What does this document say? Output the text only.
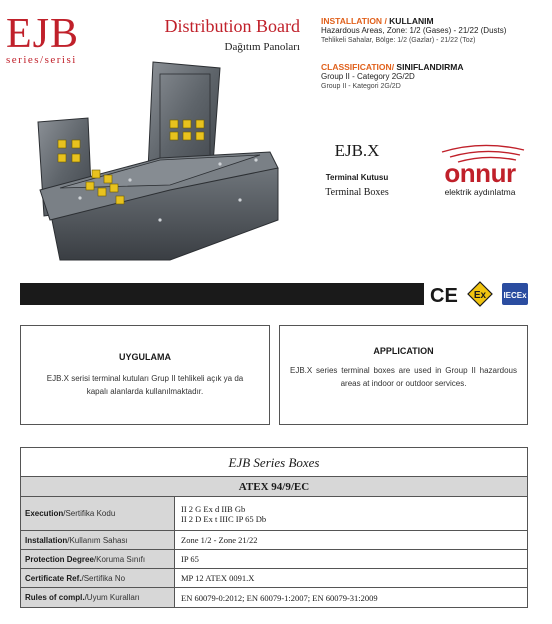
EJB
series/serisi
Distribution Board
Dağıtım Panoları
INSTALLATION / KULLANIM
Hazardous Areas, Zone: 1/2 (Gases) - 21/22 (Dusts)
Tehlikeli Sahalar, Bölge: 1/2 (Gazlar) - 21/22 (Toz)
CLASSIFICATION/ SINIFLANDIRMA
Group II - Category 2G/2D
Group II - Kategori 2G/2D
EJB.X
Terminal Kutusu
Terminal Boxes
onnur
elektrik aydınlatma
CE Ex IECEx
UYGULAMA
EJB.X serisi terminal kutuları Grup II tehlikeli açık ya da kapalı alanlarda kullanılmaktadır.
APPLICATION
EJB.X series terminal boxes are used in Group II hazardous areas at indoor or outdoor services.
EJB Series Boxes
ATEX 94/9/EC
Execution / Sertifika Kodu	II 2 G Ex d IIB Gb
II 2 D Ex t IIIC IP 65 Db
Installation / Kullanım Sahası	Zone 1/2 - Zone 21/22
Protection Degree / Koruma Sınıfı	IP 65
Certificate Ref. / Sertifika No	MP 12 ATEX 0091.X
Rules of compl. / Uyum Kuralları	EN 60079-0:2012; EN 60079-1:2007; EN 60079-31:2009
